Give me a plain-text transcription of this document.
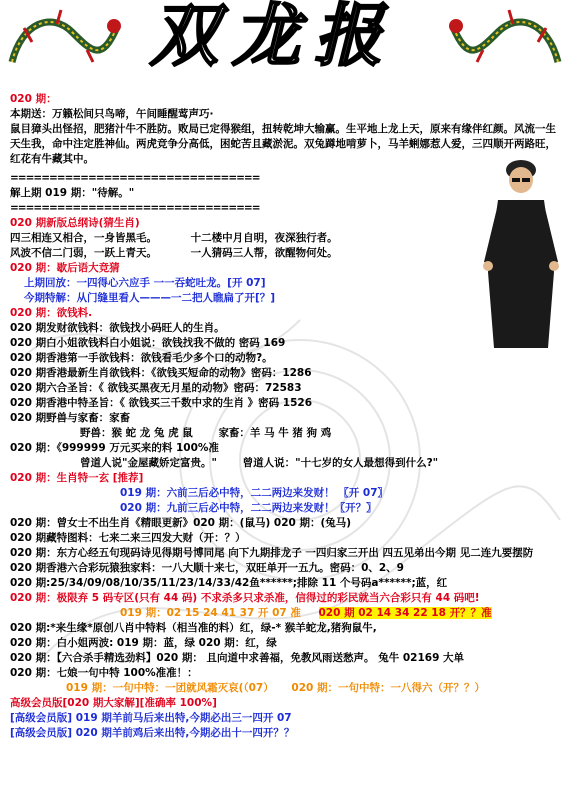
双龙报
020 期：
本期送：万籁松间只鸟啼，午间睡醒莺声巧·
鼠目獐头出怪招，肥猪汁牛不胜防。败局已定得猴组，扭转乾坤大输赢。生平地上龙上天，原来有缘伴红颜。风流一生天生我，命中注定胜神仙。两虎竞争分高低，困蛇苦且藏淤泥。双兔蹲地啃萝卜，马羊蜊娜惹人爱，三四顺开两路旺，红花有牛藏其中。
================================
解上期 019 期："待解。"
================================
020 期新版总纲诗(猜生肖)
四三相连又相合，一身皆黑毛。	十二楼中月自明，夜深独行者。
风波不信二门弱，一跃上青天。	一人猜码三人帮，欲醒物何处。
020 期：歇后语大竞猜
上期回放：一四得心六应手 一一吞蛇吐龙。[开 07]
今期特解：从门缝里看人———一二把人瞧扁了开[？]
020 期：欲钱料.
020 期发财欲钱料：欲钱找小码旺人的生肖。
020 期白小姐欲钱料白小姐说：欲钱找我不做的 密码 169
020 期香港第一手欲钱料：欲钱看毛少多个口的动物?。
020 期香港最新生肖欲钱料：《欲钱买短命的动物》密码：1286
020 期六合圣旨：《 欲钱买黑夜无月星的动物》密码：72583
020 期香港中特圣旨：《 欲钱买三千数中求的生肖 》密码 1526
020 期野兽与家畜：家畜
野兽：猴 蛇 龙 兔 虎 鼠 家畜：羊 马 牛 猪 狗 鸡
020 期：《999999 万元买来的料 100%准
曾道人说"金屋藏娇定富贵。" 曾道人说："十七岁的女人最想得到什么?"
020 期：生肖特一玄 [推荐]
019 期：六前三后必中特，二二两边来发财！ 〖开 07〗
020 期：九前三后必中特，二二两边来发财！〖开？〗
020 期：曾女士不出生肖《精眼更新》020 期：(鼠马) 020 期：(兔马)
020 期藏特图料：七来二来三四发大财（开：？）
020 期：东方心经五句现码诗见得期号博同尾 向下九期排龙子 一四归家三开出 四五见弟出今期 见二连九要摆防
020 期香港六合彩玩猿独家料：一八大顺十来七，双旺单开一五九。密码：0、2、9
020 期:25/34/09/08/10/35/11/23/14/33/42鱼******;排除 11 个号码a******;蓝，红
020 期：极限弃 5 码专区(只有 44 码) 不求杀多只求杀准，信得过的彩民就当六合彩只有 44 码吧!
019 期：02 15 24 41 37 开 07 准 020 期 02 14 34 22 18 开？？准
020 期:*来生缘*原创八肖中特料（相当准的料）红，绿-* 猴羊蛇龙,猪狗鼠牛,
020 期：白小姐两波: 019 期：蓝，绿 020 期：红，绿
020 期：【六合杀手精选劲料】020 期： 且向道中求善福，免教风雨送愁声。 兔牛 02169 大单
020 期：七娘一句中特 100%准准！：
019 期：一句中特：一团就风霜灭哀(（07） 020 期：一句中特：一八得六（开？？）
高级会员版[020 期大家解][准确率 100%]
[高级会员版] 019 期羊前马后来出特,今期必出三一四开 07
[高级会员版] 020 期羊前鸡后来出特,今期必出十一四开？？
